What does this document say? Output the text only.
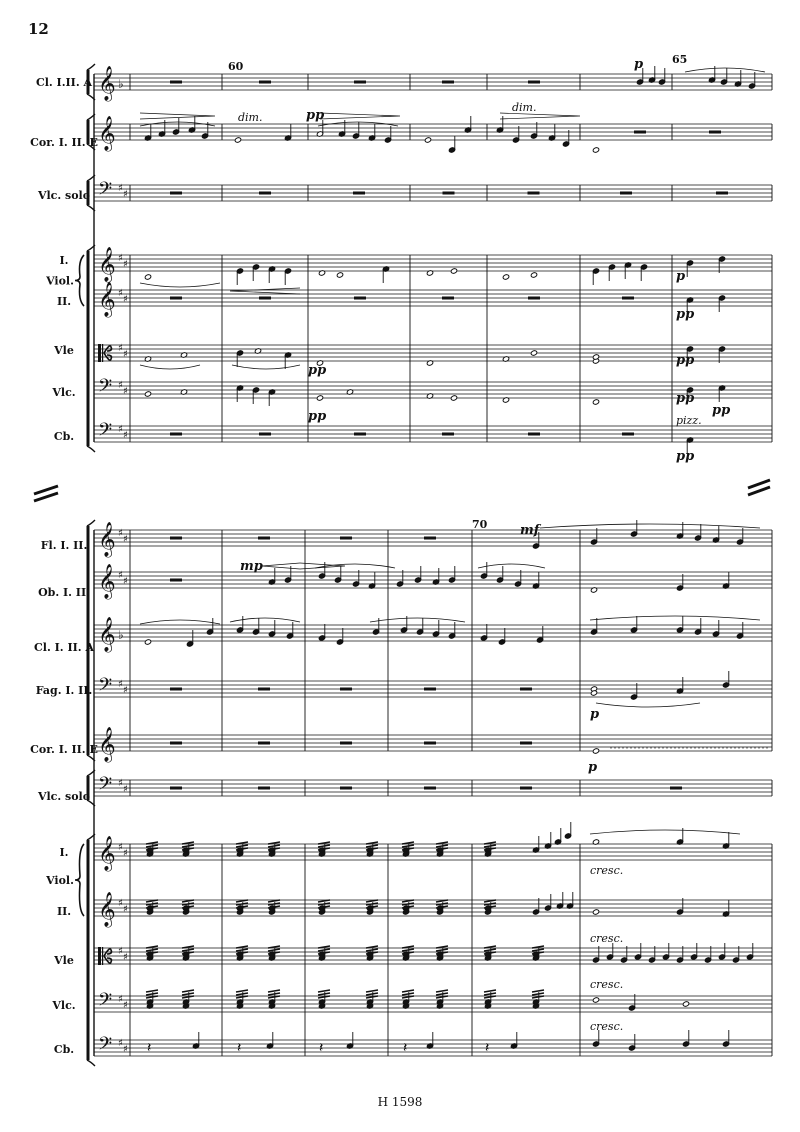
12
𝄞 ♭
Cl. I.II. A
𝄞
Cor. I. II. E
𝄢 ♯
♯
Vlc. solo
𝄞 ♯
♯
I.
𝄞 ♯
♯
II.
♯
♯
Vle
𝄢 ♯
♯
Vlc.
𝄢 ♯
♯
Cb.
Viol.
60
65
p
dim.	pp
dim.
p
pp
pp
pp
pp
pp
pp
pizz.
pp
𝄞 ♯
♯
Fl. I. II.
𝄞 ♯
♯
Ob. I. II.
𝄞 ♭
Cl. I. II. A
𝄢 ♯
♯
Fag. I. II.
𝄞
Cor. I. II. E
𝄢 ♯
♯
Vlc. solo
𝄞 ♯
♯
I.
𝄞 ♯
♯
II.
♯
♯
Vle
𝄢 ♯
♯
Vlc.
𝄢 ♯
♯
Cb.
Viol.
70	mf
mp
p
p
cresc.
cresc.
cresc.
cresc.
𝄽	𝄽	𝄽	𝄽	𝄽
H 1598
